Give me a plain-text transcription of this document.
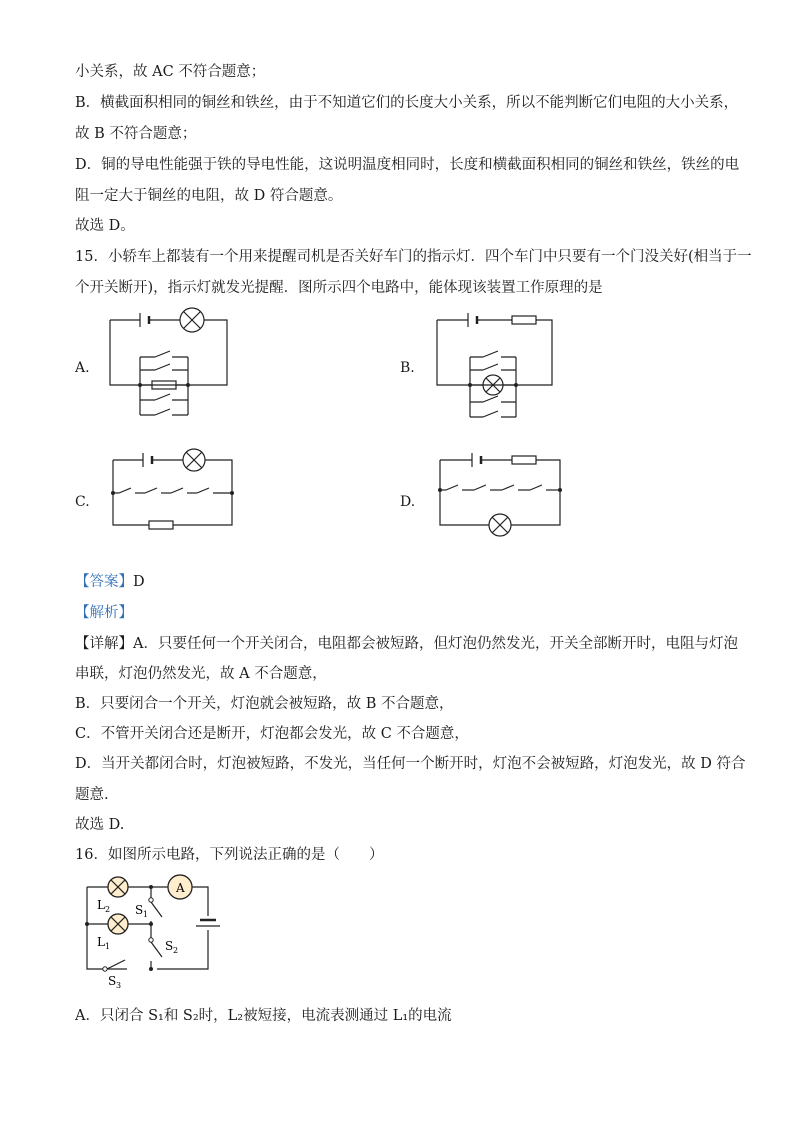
小关系，故 AC 不符合题意；
B．横截面积相同的铜丝和铁丝，由于不知道它们的长度大小关系，所以不能判断它们电阻的大小关系，
故 B 不符合题意；
D．铜的导电性能强于铁的导电性能，这说明温度相同时，长度和横截面积相同的铜丝和铁丝，铁丝的电
阻一定大于铜丝的电阻，故 D 符合题意。
故选 D。
15．小轿车上都装有一个用来提醒司机是否关好车门的指示灯．四个车门中只要有一个门没关好(相当于一
个开关断开)，指示灯就发光提醒．图所示四个电路中，能体现该装置工作原理的是
A.	B.
C.	D.
【答案】D
【解析】
【详解】A．只要任何一个开关闭合，电阻都会被短路，但灯泡仍然发光，开关全部断开时，电阻与灯泡
串联，灯泡仍然发光，故 A 不合题意，
B．只要闭合一个开关，灯泡就会被短路，故 B 不合题意，
C．不管开关闭合还是断开，灯泡都会发光，故 C 不合题意，
D．当开关都闭合时，灯泡被短路，不发光，当任何一个断开时，灯泡不会被短路，灯泡发光，故 D 符合
题意.
故选 D.
16．如图所示电路，下列说法正确的是（　　）
A
L 2
L 1
S 1
S 2
S 3
A．只闭合 S₁和 S₂时，L₂被短接，电流表测通过 L₁的电流
